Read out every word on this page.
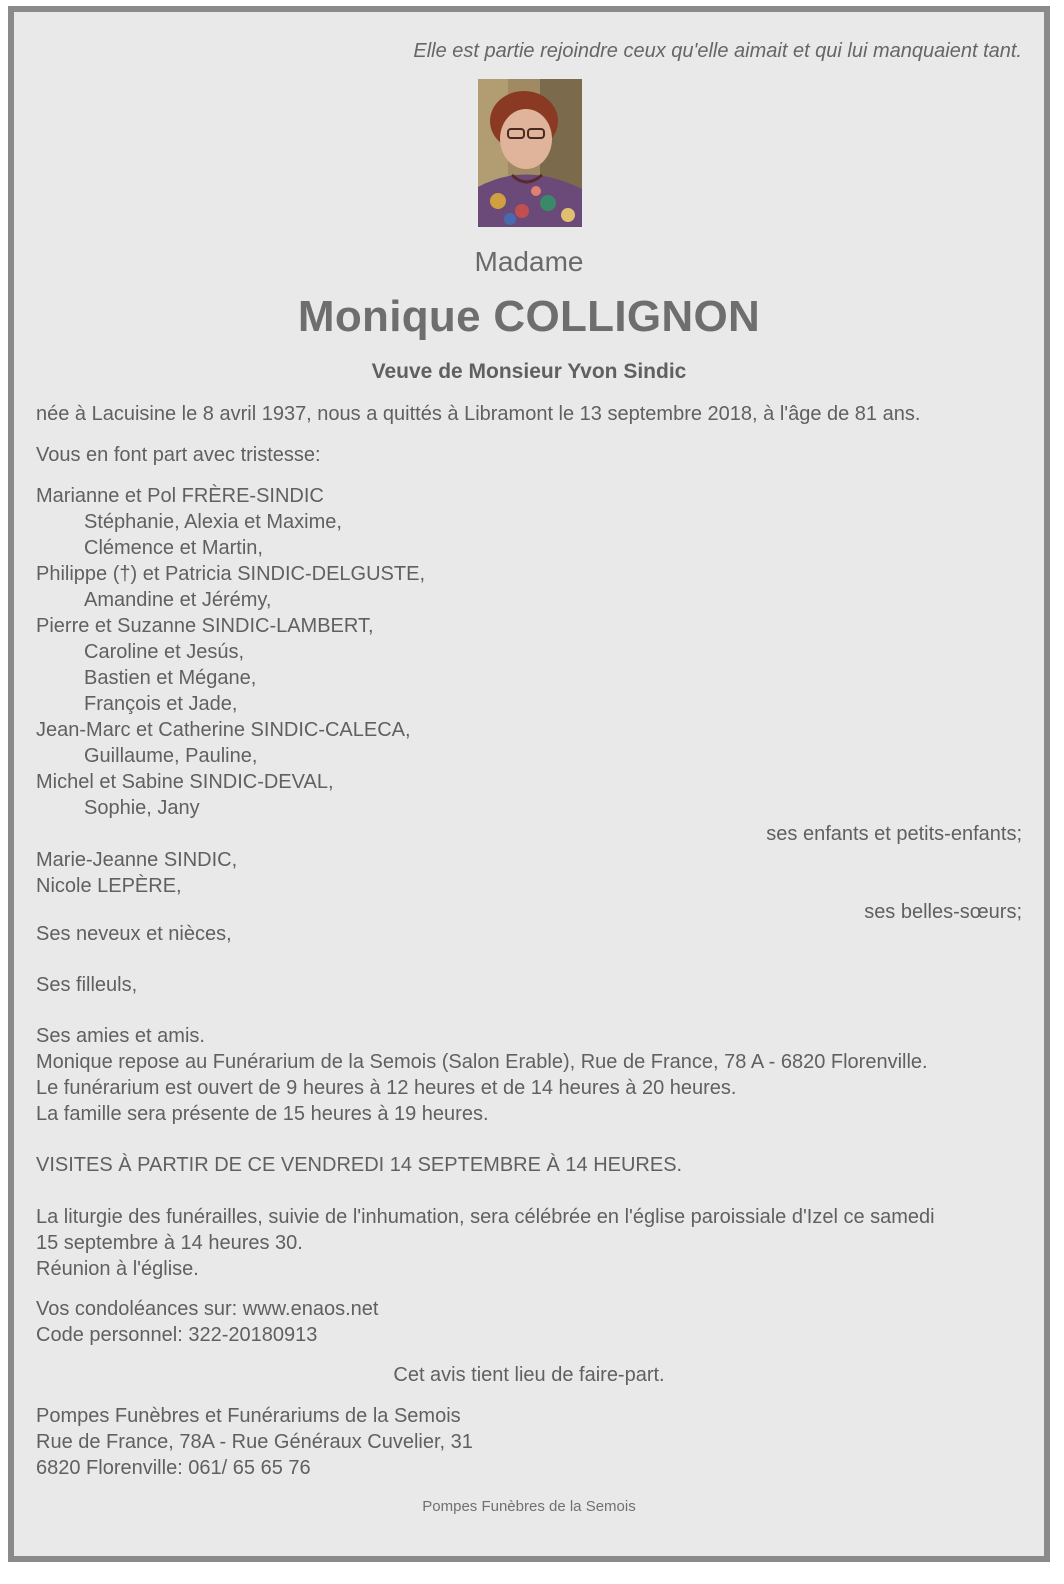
Elle est partie rejoindre ceux qu'elle aimait et qui lui manquaient tant.
Madame
Monique COLLIGNON
Veuve de Monsieur Yvon Sindic
née à Lacuisine le 8 avril 1937, nous a quittés à Libramont le 13 septembre 2018, à l'âge de 81 ans.
Vous en font part avec tristesse:
Marianne et Pol FRÈRE-SINDIC
Stéphanie, Alexia et Maxime,
Clémence et Martin,
Philippe (†) et Patricia SINDIC-DELGUSTE,
Amandine et Jérémy,
Pierre et Suzanne SINDIC-LAMBERT,
Caroline et Jesús,
Bastien et Mégane,
François et Jade,
Jean-Marc et Catherine SINDIC-CALECA,
Guillaume, Pauline,
Michel et Sabine SINDIC-DEVAL,
Sophie, Jany
ses enfants et petits-enfants;
Marie-Jeanne SINDIC,
Nicole LEPÈRE,
ses belles-sœurs;
Ses neveux et nièces,
Ses filleuls,
Ses amies et amis.
Monique repose au Funérarium de la Semois (Salon Erable), Rue de France, 78 A - 6820 Florenville.
Le funérarium est ouvert de 9 heures à 12 heures et de 14 heures à 20 heures.
La famille sera présente de 15 heures à 19 heures.
VISITES À PARTIR DE CE VENDREDI 14 SEPTEMBRE À 14 HEURES.
La liturgie des funérailles, suivie de l'inhumation, sera célébrée en l'église paroissiale d'Izel ce samedi
15 septembre à 14 heures 30.
Réunion à l'église.
Vos condoléances sur: www.enaos.net
Code personnel: 322-20180913
Cet avis tient lieu de faire-part.
Pompes Funèbres et Funérariums de la Semois
Rue de France, 78A - Rue Généraux Cuvelier, 31
6820 Florenville: 061/ 65 65 76
Pompes Funèbres de la Semois
